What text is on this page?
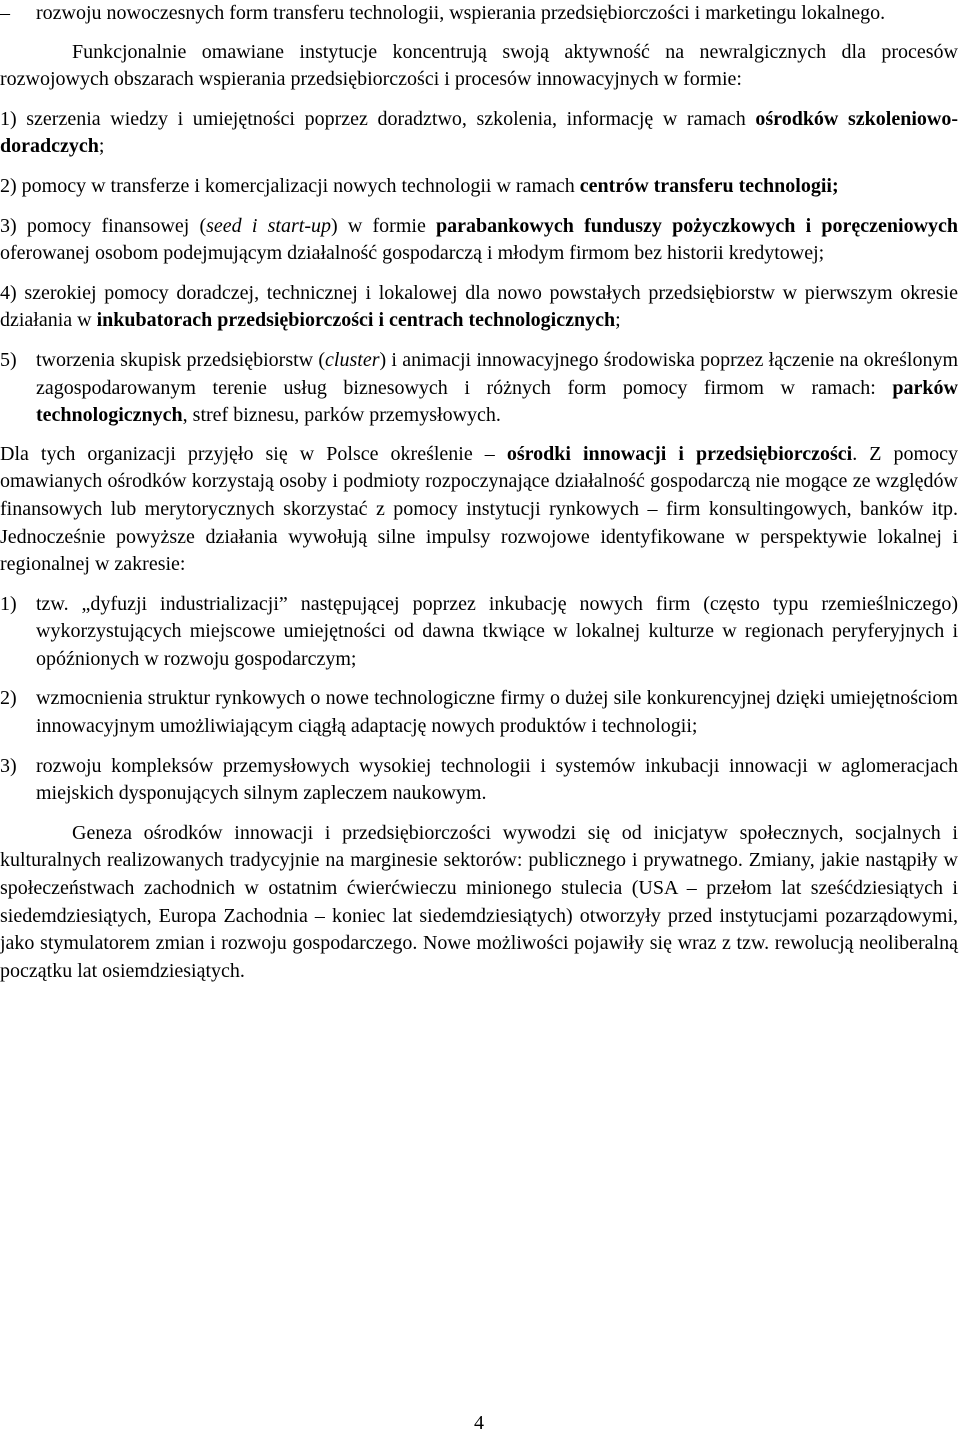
–	rozwoju nowoczesnych form transferu technologii, wspierania przedsiębiorczości i marketingu lokalnego.

Funkcjonalnie omawiane instytucje koncentrują swoją aktywność na newralgicznych dla procesów rozwojowych obszarach wspierania przedsiębiorczości i procesów innowacyjnych w formie:

1) szerzenia wiedzy i umiejętności poprzez doradztwo, szkolenia, informację w ramach ośrodków szkoleniowo-doradczych;

2) pomocy w transferze i komercjalizacji nowych technologii w ramach centrów transferu technologii;

3) pomocy finansowej (seed i start-up) w formie parabankowych funduszy pożyczkowych i poręczeniowych oferowanej osobom podejmującym działalność gospodarczą i młodym firmom bez historii kredytowej;

4) szerokiej pomocy doradczej, technicznej i lokalowej dla nowo powstałych przedsiębiorstw w pierwszym okresie działania w inkubatorach przedsiębiorczości i centrach technologicznych;

5) tworzenia skupisk przedsiębiorstw (cluster) i animacji innowacyjnego środowiska poprzez łączenie na określonym zagospodarowanym terenie usług biznesowych i różnych form pomocy firmom w ramach: parków technologicznych, stref biznesu, parków przemysłowych.

Dla tych organizacji przyjęło się w Polsce określenie – ośrodki innowacji i przedsiębiorczości. Z pomocy omawianych ośrodków korzystają osoby i podmioty rozpoczynające działalność gospodarczą nie mogące ze względów finansowych lub merytorycznych skorzystać z pomocy instytucji rynkowych – firm konsultingowych, banków itp. Jednocześnie powyższe działania wywołują silne impulsy rozwojowe identyfikowane w perspektywie lokalnej i regionalnej w zakresie:

1) tzw. „dyfuzji industrializacji” następującej poprzez inkubację nowych firm (często typu rzemieślniczego) wykorzystujących miejscowe umiejętności od dawna tkwiące w lokalnej kulturze w regionach peryferyjnych i opóźnionych w rozwoju gospodarczym;
2) wzmocnienia struktur rynkowych o nowe technologiczne firmy o dużej sile konkurencyjnej dzięki umiejętnościom innowacyjnym umożliwiającym ciągłą adaptację nowych produktów i technologii;
3) rozwoju kompleksów przemysłowych wysokiej technologii i systemów inkubacji innowacji w aglomeracjach miejskich dysponujących silnym zapleczem naukowym.

Geneza ośrodków innowacji i przedsiębiorczości wywodzi się od inicjatyw społecznych, socjalnych i kulturalnych realizowanych tradycyjnie na marginesie sektorów: publicznego i prywatnego. Zmiany, jakie nastąpiły w społeczeństwach zachodnich w ostatnim ćwierćwieczu minionego stulecia (USA – przełom lat sześćdziesiątych i siedemdziesiątych, Europa Zachodnia – koniec lat siedemdziesiątych) otworzyły przed instytucjami pozarządowymi, jako stymulatorem zmian i rozwoju gospodarczego. Nowe możliwości pojawiły się wraz z tzw. rewolucją neoliberalną początku lat osiemdziesiątych.

4
